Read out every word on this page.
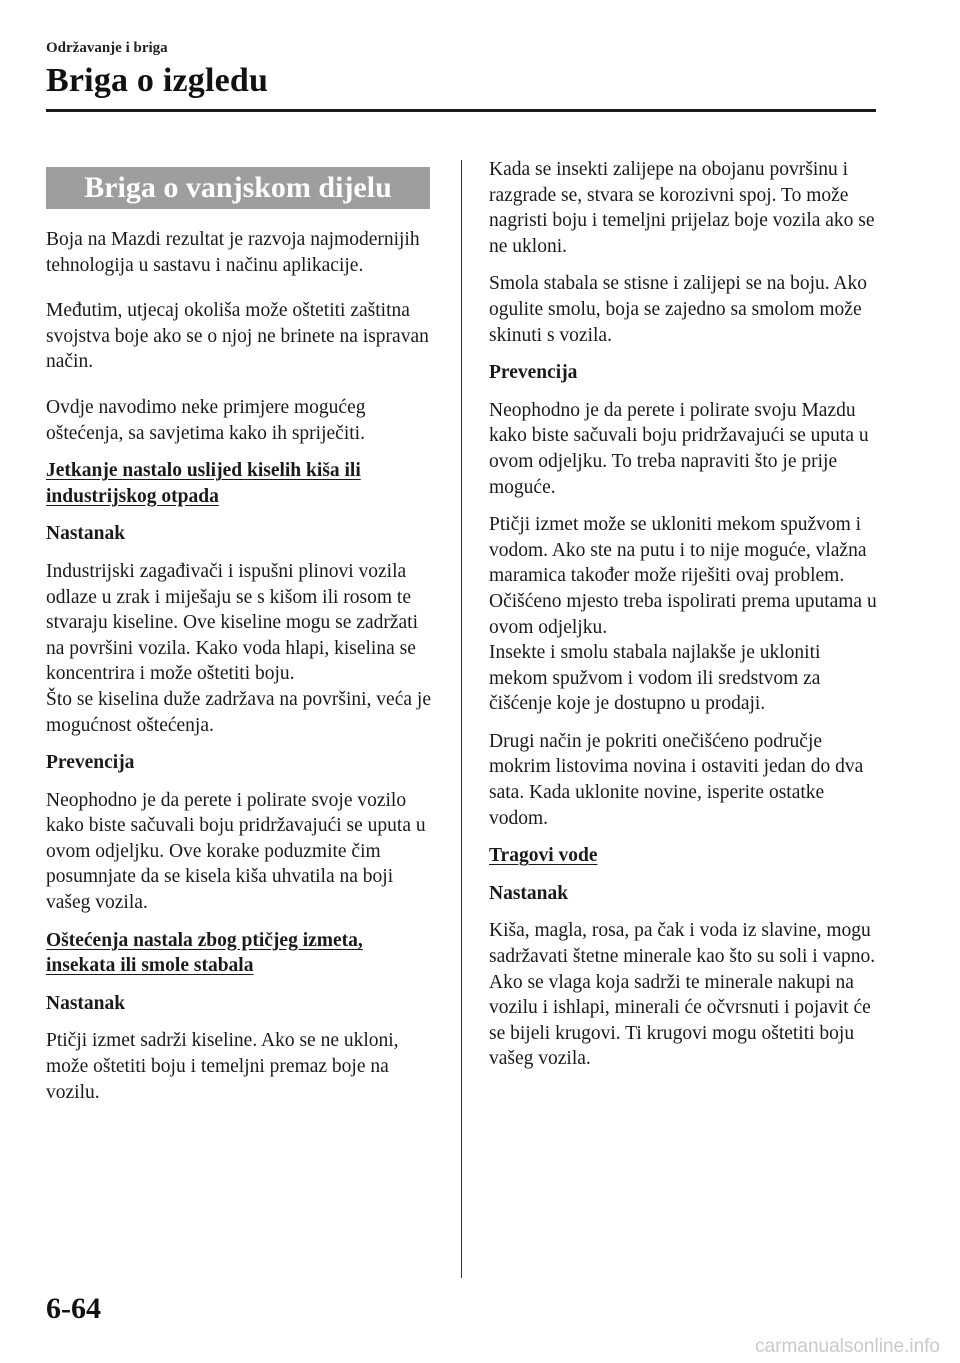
Održavanje i briga
Briga o izgledu
Briga o vanjskom dijelu

Boja na Mazdi rezultat je razvoja najmodernijih tehnologija u sastavu i načinu aplikacije.

Međutim, utjecaj okoliša može oštetiti zaštitna svojstva boje ako se o njoj ne brinete na ispravan način.

Ovdje navodimo neke primjere mogućeg oštećenja, sa savjetima kako ih spriječiti.

Jetkanje nastalo uslijed kiselih kiša ili
industrijskog otpada
Nastanak

Industrijski zagađivači i ispušni plinovi vozila odlaze u zrak i miješaju se s kišom ili rosom te stvaraju kiseline. Ove kiseline mogu se zadržati na površini vozila. Kako voda hlapi, kiselina se koncentrira i može oštetiti boju.

Što se kiselina duže zadržava na površini, veća je mogućnost oštećenja.

Prevencija

Neophodno je da perete i polirate svoje vozilo kako biste sačuvali boju pridržavajući se uputa u ovom odjeljku. Ove korake poduzmite čim posumnjate da se kisela kiša uhvatila na boji vašeg vozila.

Oštećenja nastala zbog ptičjeg izmeta,
insekata ili smole stabala
Nastanak

Ptičji izmet sadrži kiseline. Ako se ne ukloni, može oštetiti boju i temeljni premaz boje na vozilu.

Kada se insekti zalijepe na obojanu površinu i razgrade se, stvara se korozivni spoj. To može nagristi boju i temeljni prijelaz boje vozila ako se ne ukloni.

Smola stabala se stisne i zalijepi se na boju. Ako ogulite smolu, boja se zajedno sa smolom može skinuti s vozila.

Prevencija

Neophodno je da perete i polirate svoju Mazdu kako biste sačuvali boju pridržavajući se uputa u ovom odjeljku. To treba napraviti što je prije moguće.

Ptičji izmet može se ukloniti mekom spužvom i vodom. Ako ste na putu i to nije moguće, vlažna maramica također može riješiti ovaj problem. Očišćeno mjesto treba ispolirati prema uputama u ovom odjeljku.

Insekte i smolu stabala najlakše je ukloniti mekom spužvom i vodom ili sredstvom za čišćenje koje je dostupno u prodaji.

Drugi način je pokriti onečišćeno područje mokrim listovima novina i ostaviti jedan do dva sata. Kada uklonite novine, isperite ostatke vodom.

Tragovi vode
Nastanak

Kiša, magla, rosa, pa čak i voda iz slavine, mogu sadržavati štetne minerale kao što su soli i vapno. Ako se vlaga koja sadrži te minerale nakupi na vozilu i ishlapi, minerali će očvrsnuti i pojavit će se bijeli krugovi. Ti krugovi mogu oštetiti boju vašeg vozila.

6-64
carmanualsonline.info
